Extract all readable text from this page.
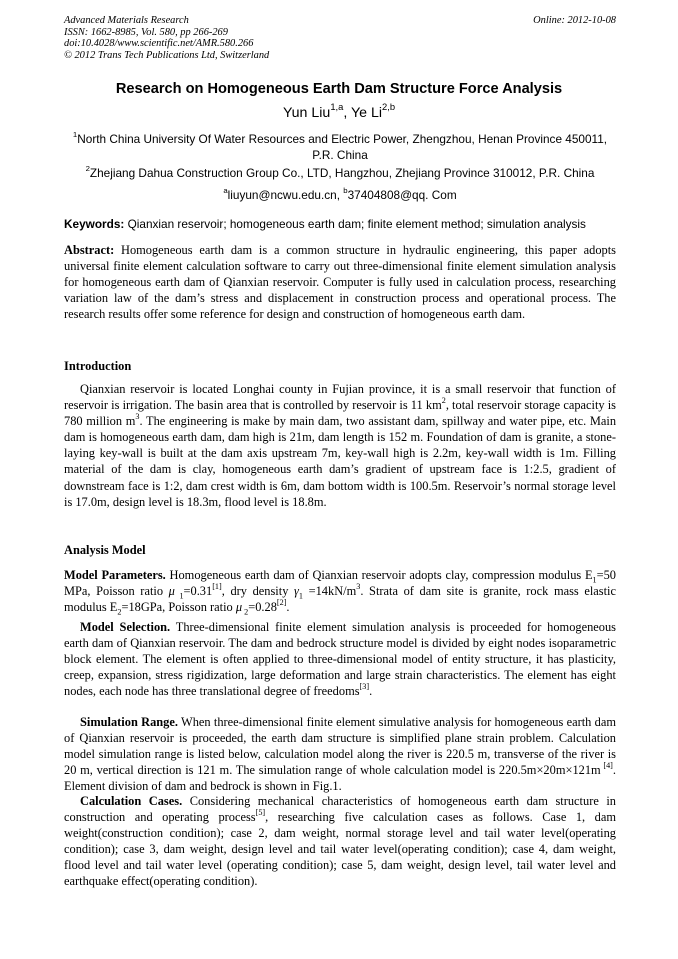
Advanced Materials Research
ISSN: 1662-8985, Vol. 580, pp 266-269
doi:10.4028/www.scientific.net/AMR.580.266
© 2012 Trans Tech Publications Ltd, Switzerland
Online: 2012-10-08
Research on Homogeneous Earth Dam Structure Force Analysis
Yun Liu$^{1,a}$, Ye Li$^{2,b}$
$^1$North China University Of Water Resources and Electric Power, Zhengzhou, Henan Province 450011, P.R. China
$^2$Zhejiang Dahua Construction Group Co., LTD, Hangzhou, Zhejiang Province 310012, P.R. China
$^a$liuyun@ncwu.edu.cn, $^b$37404808@qq. Com
Keywords: Qianxian reservoir; homogeneous earth dam; finite element method; simulation analysis
Abstract: Homogeneous earth dam is a common structure in hydraulic engineering, this paper adopts universal finite element calculation software to carry out three-dimensional finite element simulation analysis for homogeneous earth dam of Qianxian reservoir. Computer is fully used in calculation process, researching variation law of the dam’s stress and displacement in construction process and operational process. The research results offer some reference for design and construction of homogeneous earth dam.
Introduction
Qianxian reservoir is located Longhai county in Fujian province, it is a small reservoir that function of reservoir is irrigation. The basin area that is controlled by reservoir is 11 $km^2$, total reservoir storage capacity is 780 million $m^3$. The engineering is make by main dam, two assistant dam, spillway and water pipe, etc. Main dam is homogeneous earth dam, dam high is 21m, dam length is 152 m. Foundation of dam is granite, a stone-laying key-wall is built at the dam axis upstream 7m, key-wall high is 2.2m, key-wall width is 1m. Filling material of the dam is clay, homogeneous earth dam’s gradient of upstream face is 1:2.5, gradient of downstream face is 1:2, dam crest width is 6m, dam bottom width is 100.5m. Reservoir’s normal storage level is 17.0m, design level is 18.3m, flood level is 18.8m.
Analysis Model
Model Parameters. Homogeneous earth dam of Qianxian reservoir adopts clay, compression modulus $E_1=50$ MPa, Poisson ratio μ $_1$=0.31[1], dry density $\gamma_1 =14kN/m^3$. Strata of dam site is granite, rock mass elastic modulus $E_2=18GPa$, Poisson ratio μ $_2$=0.28[2].
Model Selection. Three-dimensional finite element simulation analysis is proceeded for homogeneous earth dam of Qianxian reservoir. The dam and bedrock structure model is divided by eight nodes isoparametric block element. The element is often applied to three-dimensional model of entity structure, it has plasticity, creep, expansion, stress rigidization, large deformation and large strain characteristics. The element has eight nodes, each node has three translational degree of freedoms[3].
Simulation Range. When three-dimensional finite element simulative analysis for homogeneous earth dam of Qianxian reservoir is proceeded, the earth dam structure is simplified plane strain problem. Calculation model simulation range is listed below, calculation model along the river is 220.5 m, transverse of the river is 20 m, vertical direction is 121 m. The simulation range of whole calculation model is 220.5m×20m×121m [4]. Element division of dam and bedrock is shown in Fig.1.
Calculation Cases. Considering mechanical characteristics of homogeneous earth dam structure in construction and operating process[5], researching five calculation cases as follows. Case 1, dam weight(construction condition); case 2, dam weight, normal storage level and tail water level(operating condition); case 3, dam weight, design level and tail water level(operating condition); case 4, dam weight, flood level and tail water level (operating condition); case 5, dam weight, design level, tail water level and earthquake effect(operating condition).
